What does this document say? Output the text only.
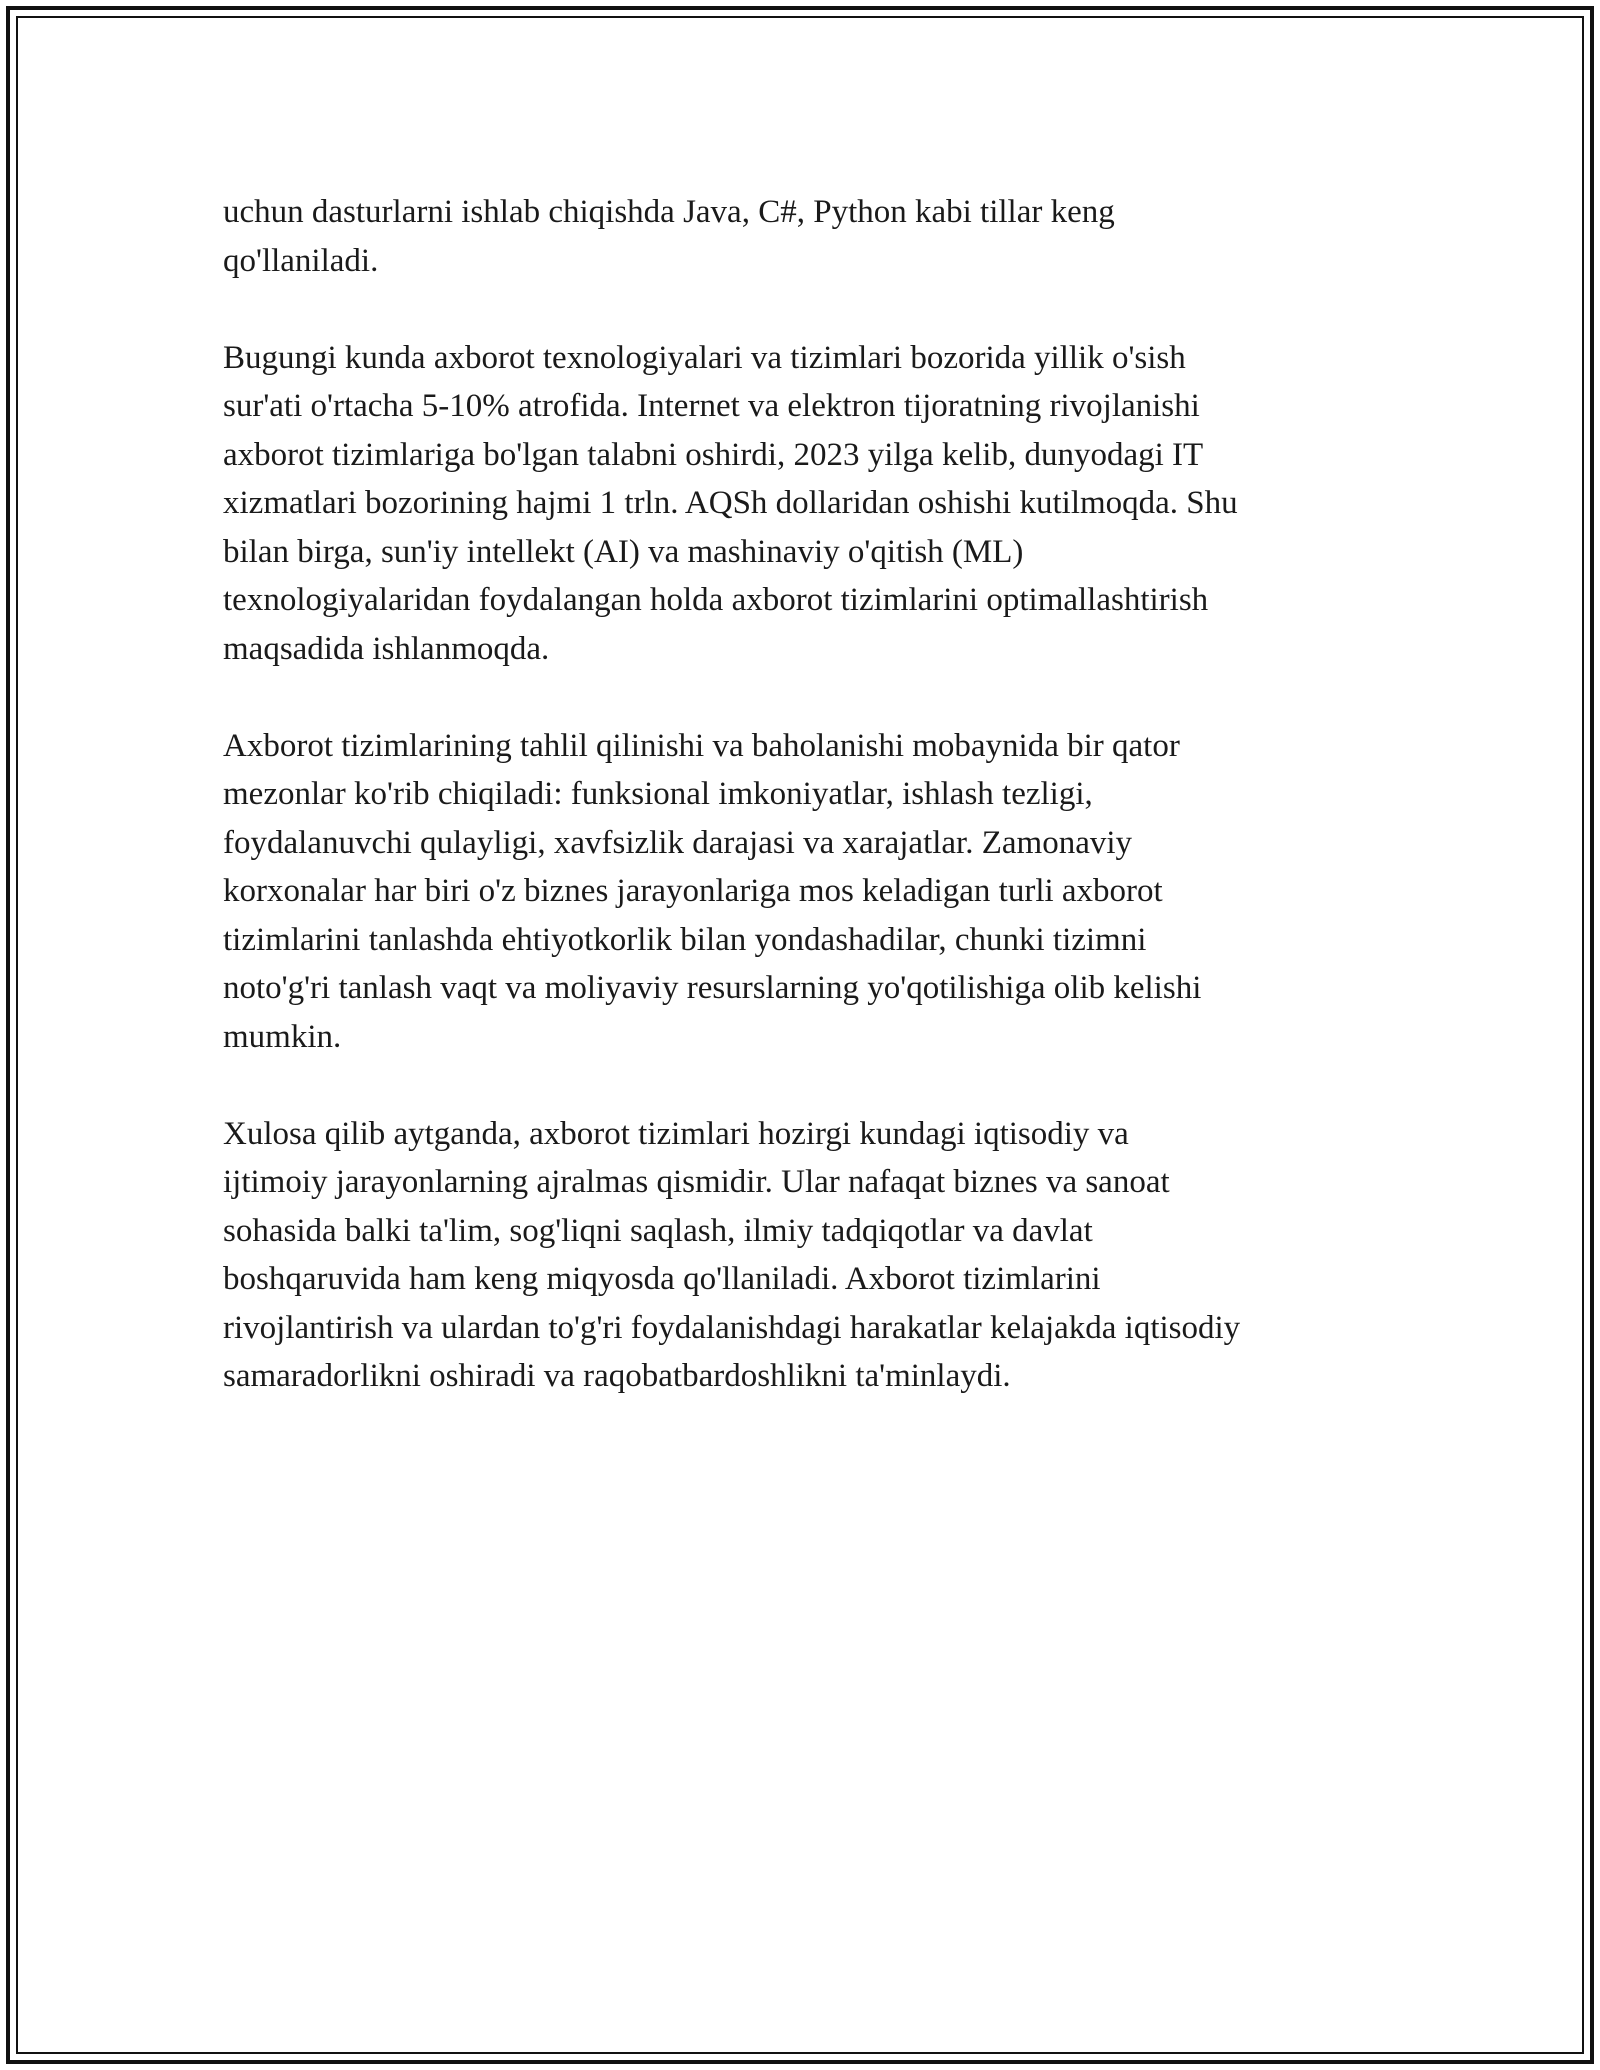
uchun dasturlarni ishlab chiqishda Java, C#, Python kabi tillar keng
qo'llaniladi.

Bugungi kunda axborot texnologiyalari va tizimlari bozorida yillik o'sish
sur'ati o'rtacha 5-10% atrofida. Internet va elektron tijoratning rivojlanishi
axborot tizimlariga bo'lgan talabni oshirdi, 2023 yilga kelib, dunyodagi IT
xizmatlari bozorining hajmi 1 trln. AQSh dollaridan oshishi kutilmoqda. Shu
bilan birga, sun'iy intellekt (AI) va mashinaviy o'qitish (ML)
texnologiyalaridan foydalangan holda axborot tizimlarini optimallashtirish
maqsadida ishlanmoqda.

Axborot tizimlarining tahlil qilinishi va baholanishi mobaynida bir qator
mezonlar ko'rib chiqiladi: funksional imkoniyatlar, ishlash tezligi,
foydalanuvchi qulayligi, xavfsizlik darajasi va xarajatlar. Zamonaviy
korxonalar har biri o'z biznes jarayonlariga mos keladigan turli axborot
tizimlarini tanlashda ehtiyotkorlik bilan yondashadilar, chunki tizimni
noto'g'ri tanlash vaqt va moliyaviy resurslarning yo'qotilishiga olib kelishi
mumkin.

Xulosa qilib aytganda, axborot tizimlari hozirgi kundagi iqtisodiy va
ijtimoiy jarayonlarning ajralmas qismidir. Ular nafaqat biznes va sanoat
sohasida balki ta'lim, sog'liqni saqlash, ilmiy tadqiqotlar va davlat
boshqaruvida ham keng miqyosda qo'llaniladi. Axborot tizimlarini
rivojlantirish va ulardan to'g'ri foydalanishdagi harakatlar kelajakda iqtisodiy
samaradorlikni oshiradi va raqobatbardoshlikni ta'minlaydi.
